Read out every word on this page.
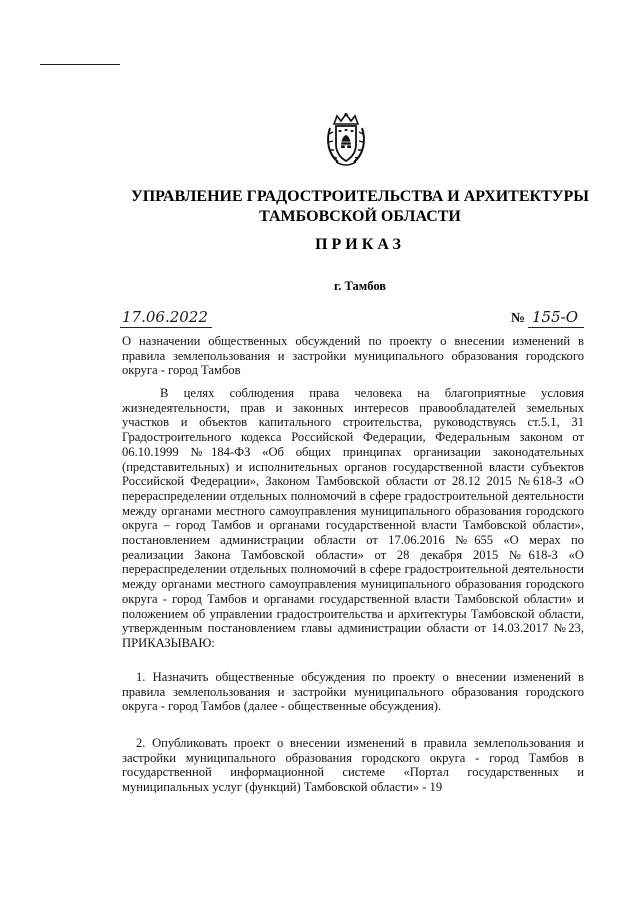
УПРАВЛЕНИЕ ГРАДОСТРОИТЕЛЬСТВА И АРХИТЕКТУРЫ
ТАМБОВСКОЙ ОБЛАСТИ
ПРИКАЗ
г. Тамбов
17.06.2022	№ 155-О
О назначении общественных обсуждений по проекту о внесении изменений в правила землепользования и застройки муниципального образования городского округа - город Тамбов
В целях соблюдения права человека на благоприятные условия жизнедеятельности, прав и законных интересов правообладателей земельных участков и объектов капитального строительства, руководствуясь ст.5.1, 31 Градостроительного кодекса Российской Федерации, Федеральным законом от 06.10.1999 №184-ФЗ «Об общих принципах организации законодательных (представительных) и исполнительных органов государственной власти субъектов Российской Федерации», Законом Тамбовской области от 28.12 2015 №618-З «О перераспределении отдельных полномочий в сфере градостроительной деятельности между органами местного самоуправления муниципального образования городского округа – город Тамбов и органами государственной власти Тамбовской области», постановлением администрации области от 17.06.2016 №655 «О мерах по реализации Закона Тамбовской области» от 28 декабря 2015 №618-З «О перераспределении отдельных полномочий в сфере градостроительной деятельности между органами местного самоуправления муниципального образования городского округа - город Тамбов и органами государственной власти Тамбовской области» и положением об управлении градостроительства и архитектуры Тамбовской области, утвержденным постановлением главы администрации области от 14.03.2017 №23, ПРИКАЗЫВАЮ:
1. Назначить общественные обсуждения по проекту о внесении изменений в правила землепользования и застройки муниципального образования городского округа - город Тамбов (далее - общественные обсуждения).
2. Опубликовать проект о внесении изменений в правила землепользования и застройки муниципального образования городского округа - город Тамбов в государственной информационной системе «Портал государственных и муниципальных услуг (функций) Тамбовской области» - 19
